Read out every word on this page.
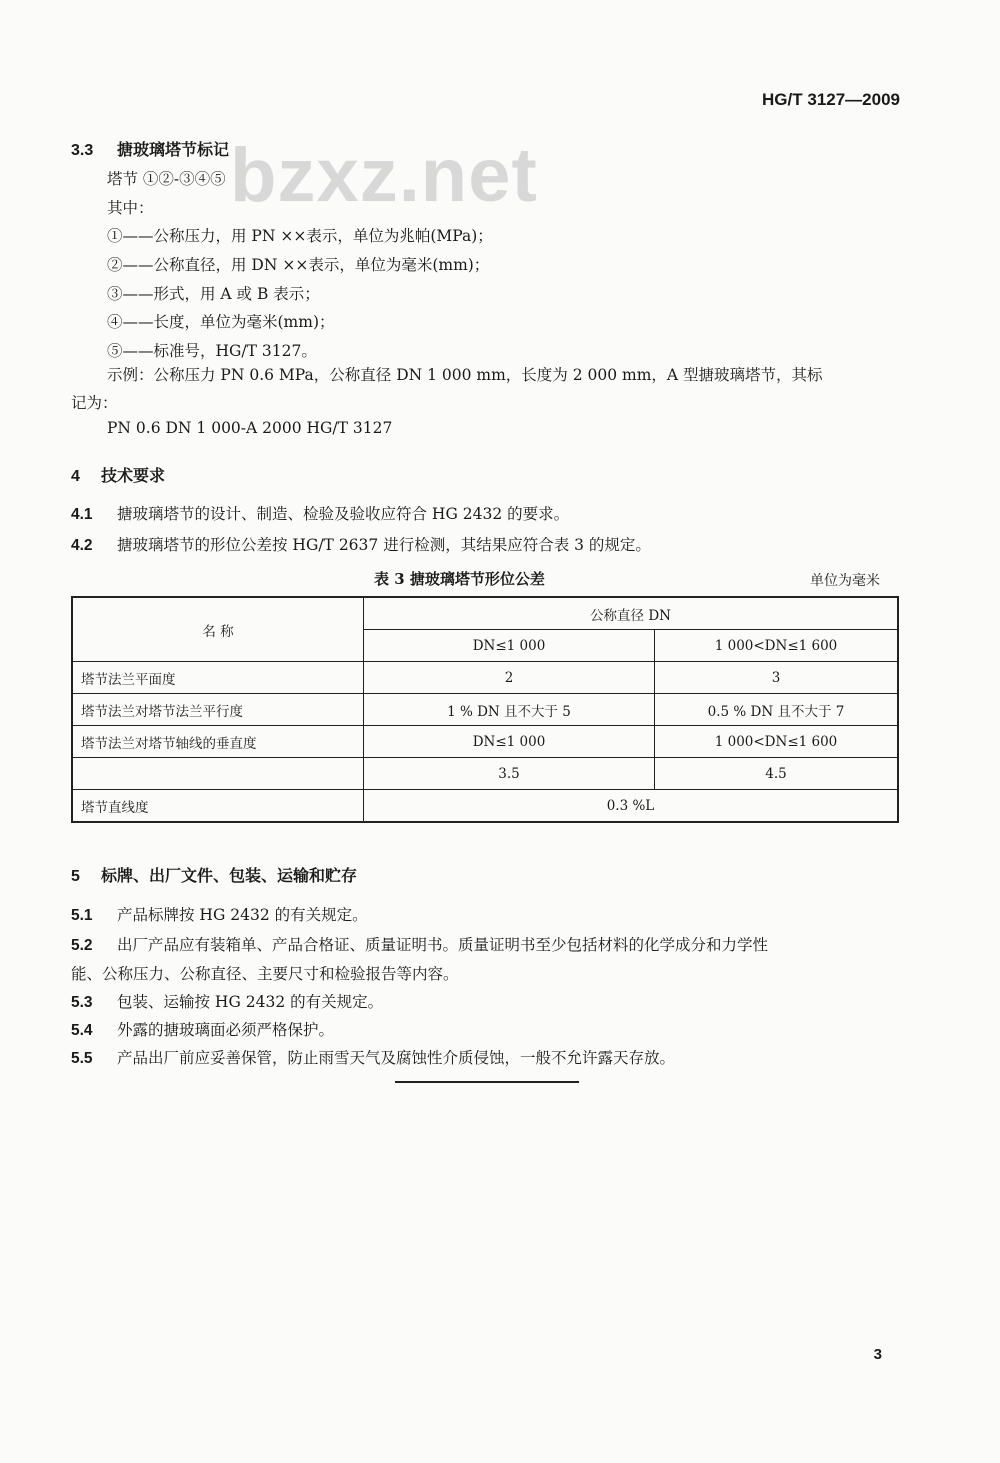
HG/T 3127—2009
bzxz.net
3.3 搪玻璃塔节标记
塔节 ①②-③④⑤
其中：
①——公称压力，用 PN ××表示，单位为兆帕(MPa)；
②——公称直径，用 DN ××表示，单位为毫米(mm)；
③——形式，用 A 或 B 表示；
④——长度，单位为毫米(mm)；
⑤——标准号，HG/T 3127。
示例：公称压力 PN 0.6 MPa，公称直径 DN 1 000 mm，长度为 2 000 mm，A 型搪玻璃塔节，其标
记为：
PN 0.6 DN 1 000-A 2000 HG/T 3127
4 技术要求
4.1 搪玻璃塔节的设计、制造、检验及验收应符合 HG 2432 的要求。
4.2 搪玻璃塔节的形位公差按 HG/T 2637 进行检测，其结果应符合表 3 的规定。
表 3 搪玻璃塔节形位公差	单位为毫米
名 称	公称直径 DN	
	DN≤1 000	1 000<DN≤1 600
塔节法兰平面度	2	3
塔节法兰对塔节法兰平行度	1 % DN 且不大于 5	0.5 % DN 且不大于 7
塔节法兰对塔节轴线的垂直度	DN≤1 000	1 000<DN≤1 600
	3.5	4.5
塔节直线度	0.3 %L	
5 标牌、出厂文件、包装、运输和贮存
5.1 产品标牌按 HG 2432 的有关规定。
5.2 出厂产品应有装箱单、产品合格证、质量证明书。质量证明书至少包括材料的化学成分和力学性
能、公称压力、公称直径、主要尺寸和检验报告等内容。
5.3 包装、运输按 HG 2432 的有关规定。
5.4 外露的搪玻璃面必须严格保护。
5.5 产品出厂前应妥善保管，防止雨雪天气及腐蚀性介质侵蚀，一般不允许露天存放。
3
